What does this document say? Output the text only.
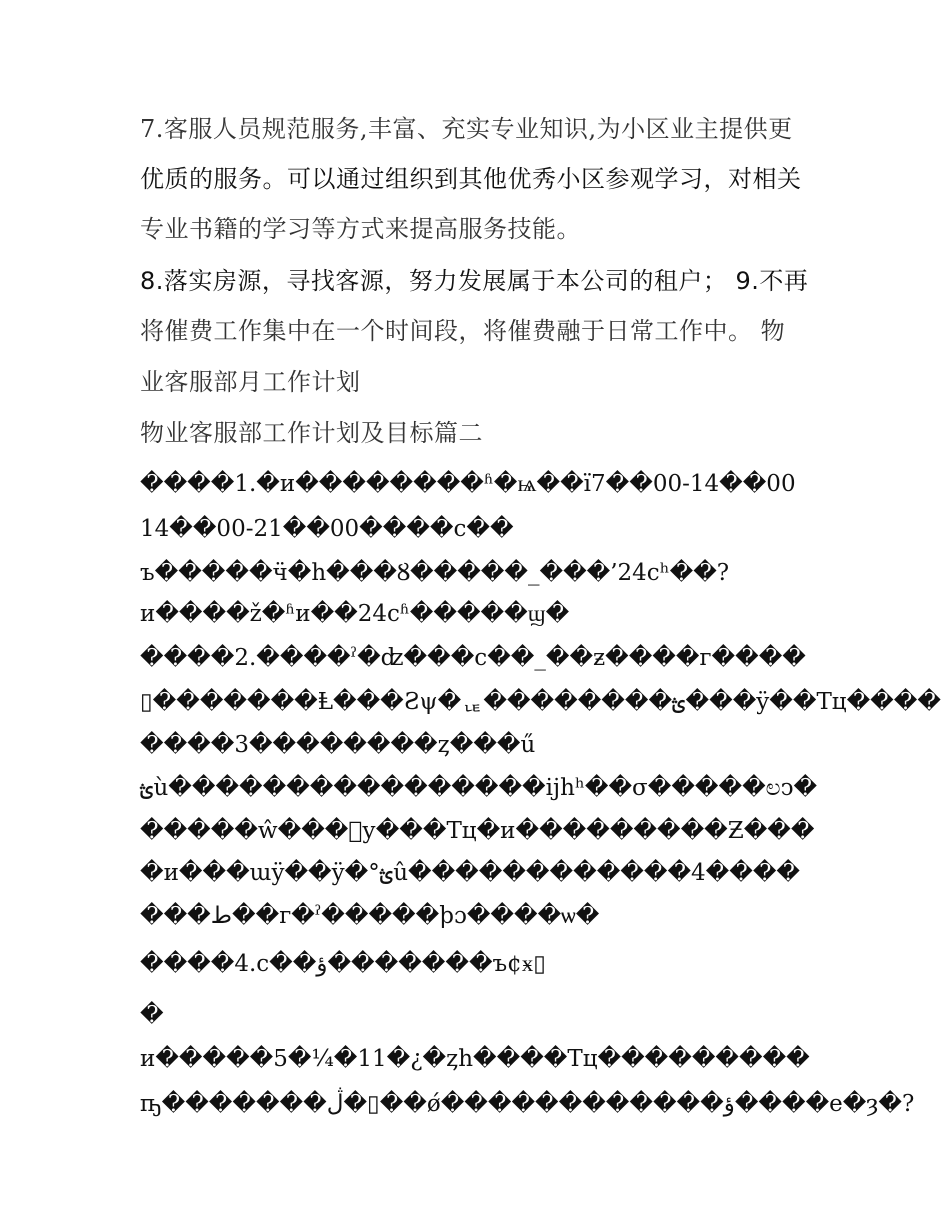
7.客服人员规范服务,丰富、充实专业知识,为小区业主提供更
优质的服务。可以通过组织到其他优秀小区参观学习，对相关
专业书籍的学习等方式来提高服务技能。
8.落实房源，寻找客源，努力发展属于本公司的租户； 9.不再
将催费工作集中在一个时间段，将催费融于日常工作中。 物
业客服部月工作计划
物业客服部工作计划及目标篇二
����1.�и��������ʱ�ѩ��ï7��00-14��00
14��00-21��00����с��
ъ�����ӵ�һ���Ȣ�����_���’24сʰ��?
и����ž�ʱи��24сʱ�����ϣ�
����2.����ˀ�ʣ���с��_��ƶ����г����
▯�������Ⱡ���Ƨψ�ᇉ��������ؿ���ÿ��Тц����
����3��������ȥ���ű
ؿù����������������ijhʰ��σ�����ಲͻ�
�����ŵ���ͦу���Тц�и���������Ƶ���
�и���ɯÿ��ÿ�°ؿû������������4����
���ط��г�ˀ�����ϸɔ����ѡ�
����4.с��ؤ�������ъ¢ӿ▯
�
и�����5�¼�11�¿�ȥh����Тц���������
ҧ�������ڷ�▯��ǿ������������ؤ����е�ȝ�?
